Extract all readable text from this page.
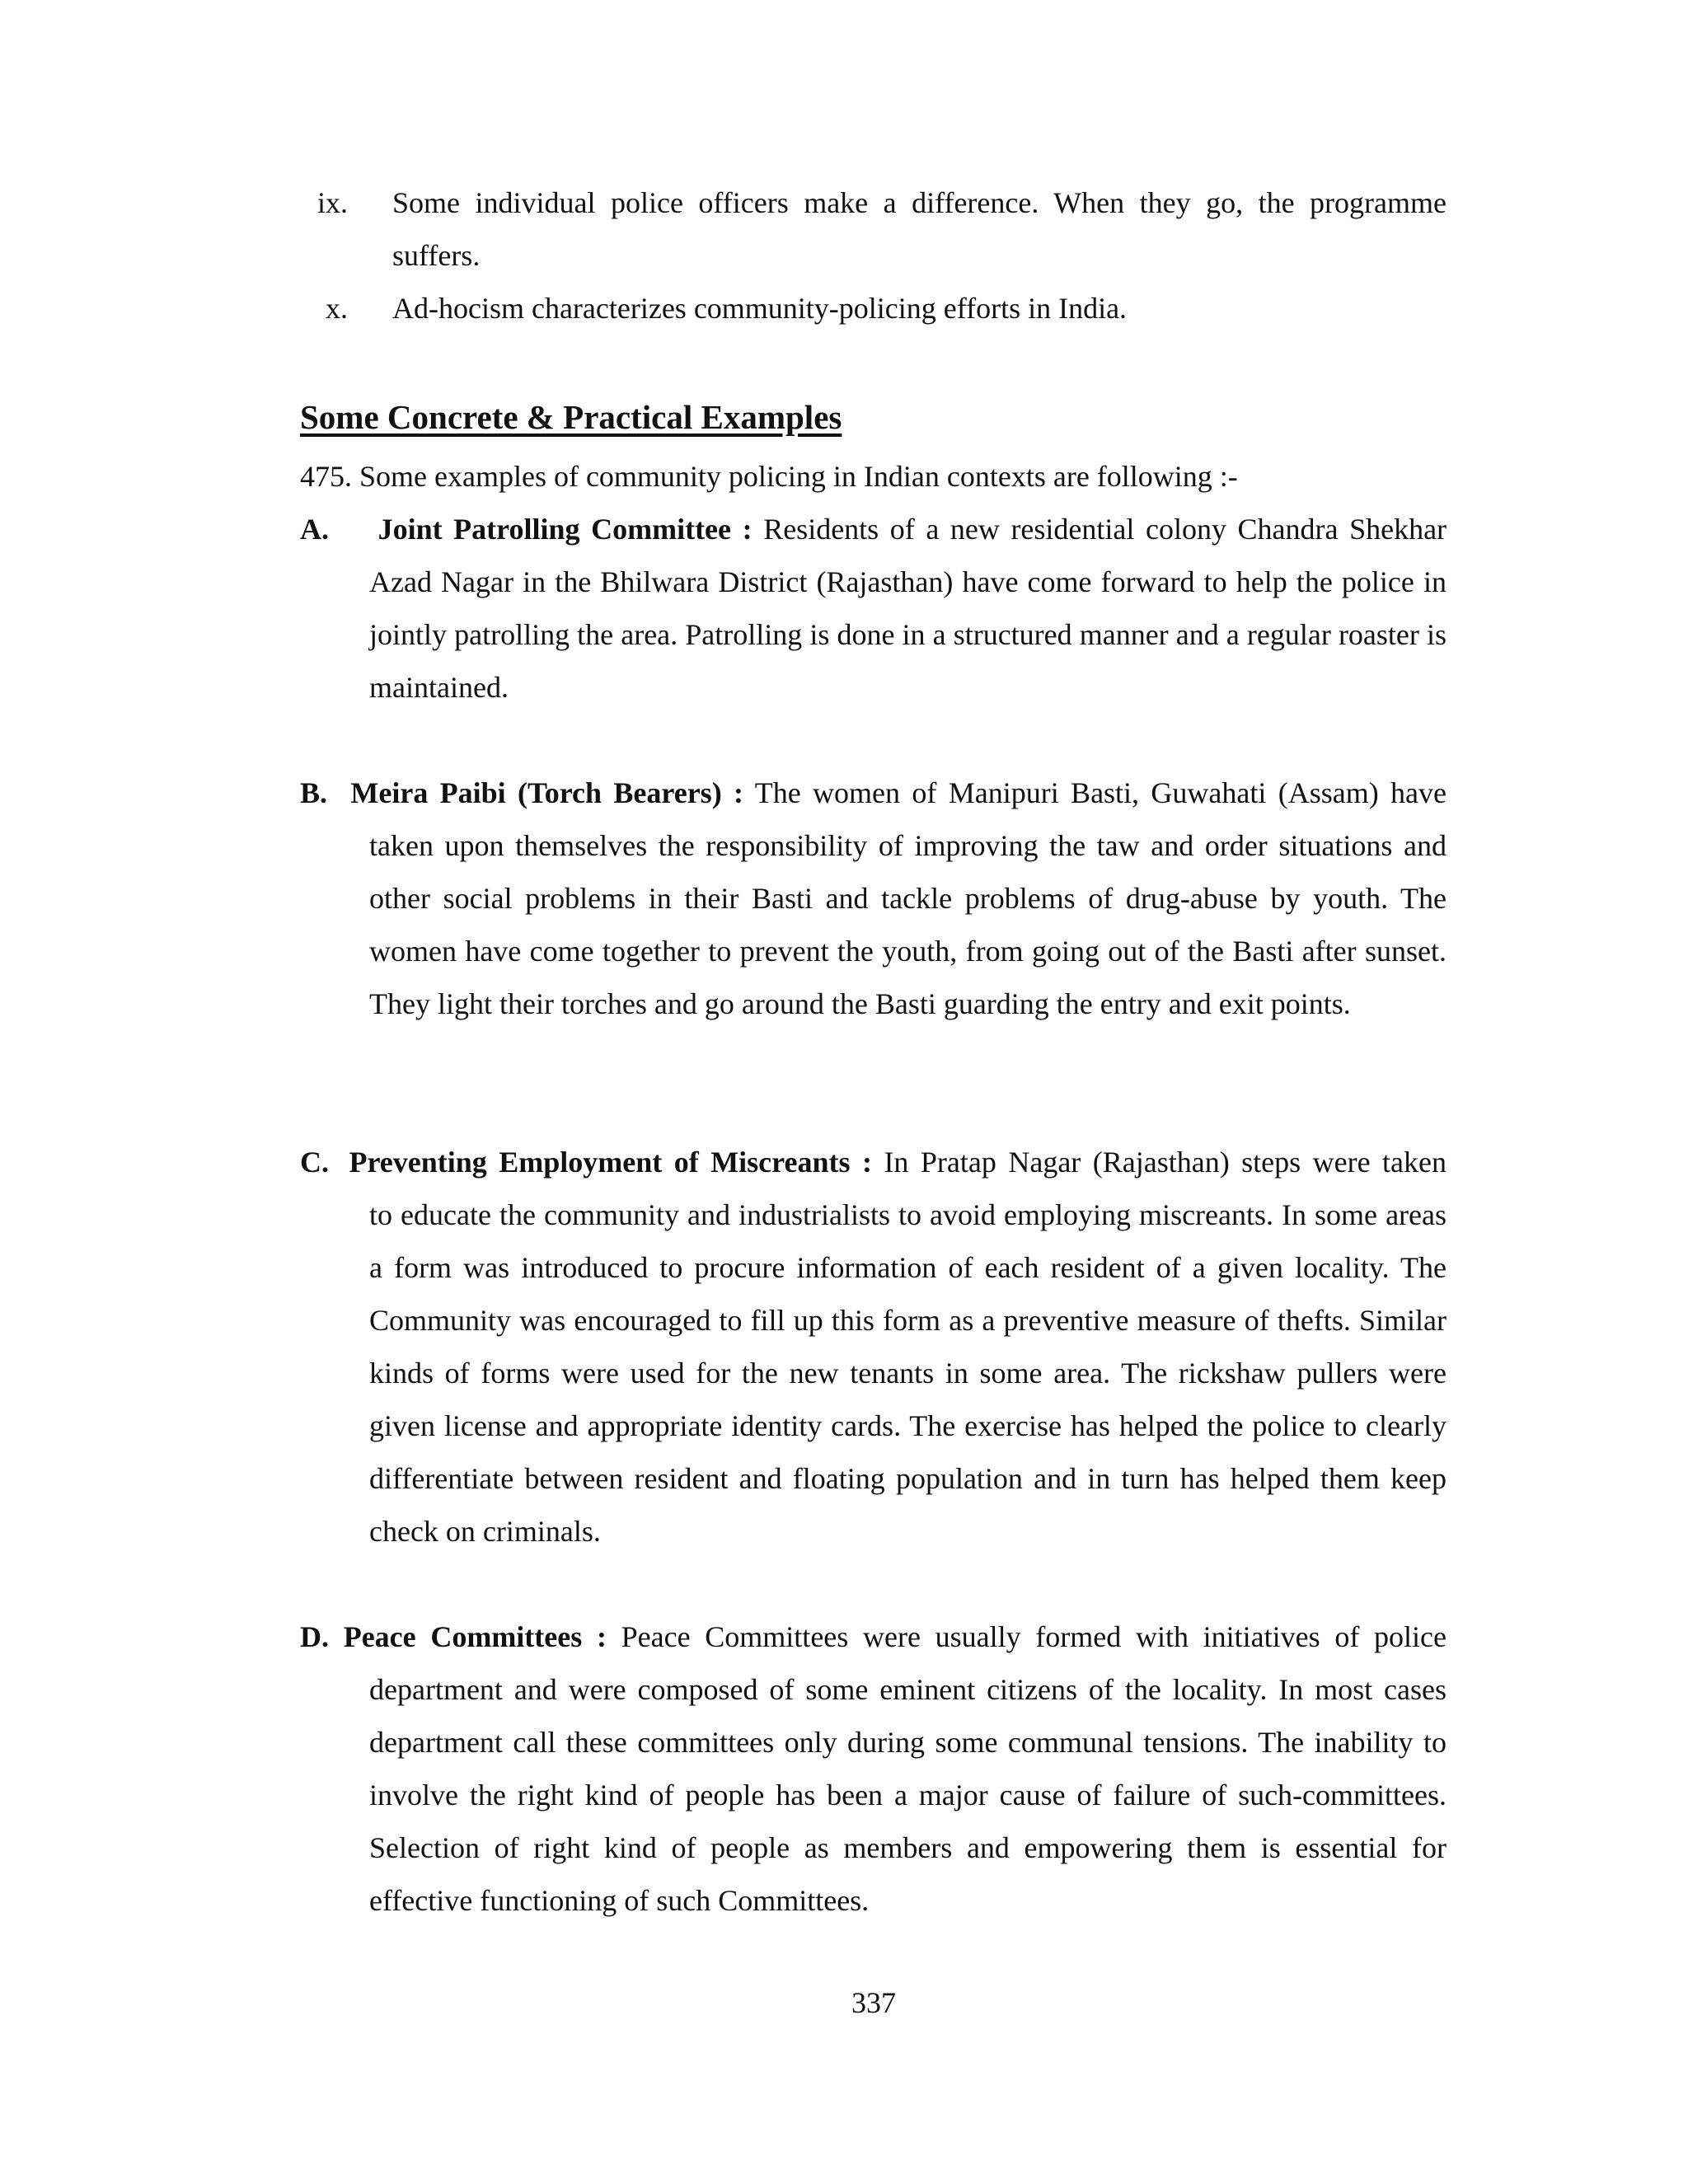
ix. Some individual police officers make a difference. When they go, the programme suffers.
x. Ad-hocism characterizes community-policing efforts in India.
Some Concrete & Practical Examples
475. Some examples of community policing in Indian contexts are following :-
A. Joint Patrolling Committee : Residents of a new residential colony Chandra Shekhar
Azad Nagar in the Bhilwara District (Rajasthan) have come forward to help the police in jointly patrolling the area. Patrolling is done in a structured manner and a regular roaster is maintained.
B. Meira Paibi (Torch Bearers) : The women of Manipuri Basti, Guwahati (Assam) have
taken upon themselves the responsibility of improving the taw and order situations and other social problems in their Basti and tackle problems of drug-abuse by youth. The women have come together to prevent the youth, from going out of the Basti after sunset. They light their torches and go around the Basti guarding the entry and exit points.
C. Preventing Employment of Miscreants : In Pratap Nagar (Rajasthan) steps were taken
to educate the community and industrialists to avoid employing miscreants. In some areas a form was introduced to procure information of each resident of a given locality. The Community was encouraged to fill up this form as a preventive measure of thefts. Similar kinds of forms were used for the new tenants in some area. The rickshaw pullers were given license and appropriate identity cards. The exercise has helped the police to clearly differentiate between resident and floating population and in turn has helped them keep check on criminals.
D. Peace Committees : Peace Committees were usually formed with initiatives of police
department and were composed of some eminent citizens of the locality. In most cases department call these committees only during some communal tensions. The inability to involve the right kind of people has been a major cause of failure of such-committees. Selection of right kind of people as members and empowering them is essential for effective functioning of such Committees.
337
